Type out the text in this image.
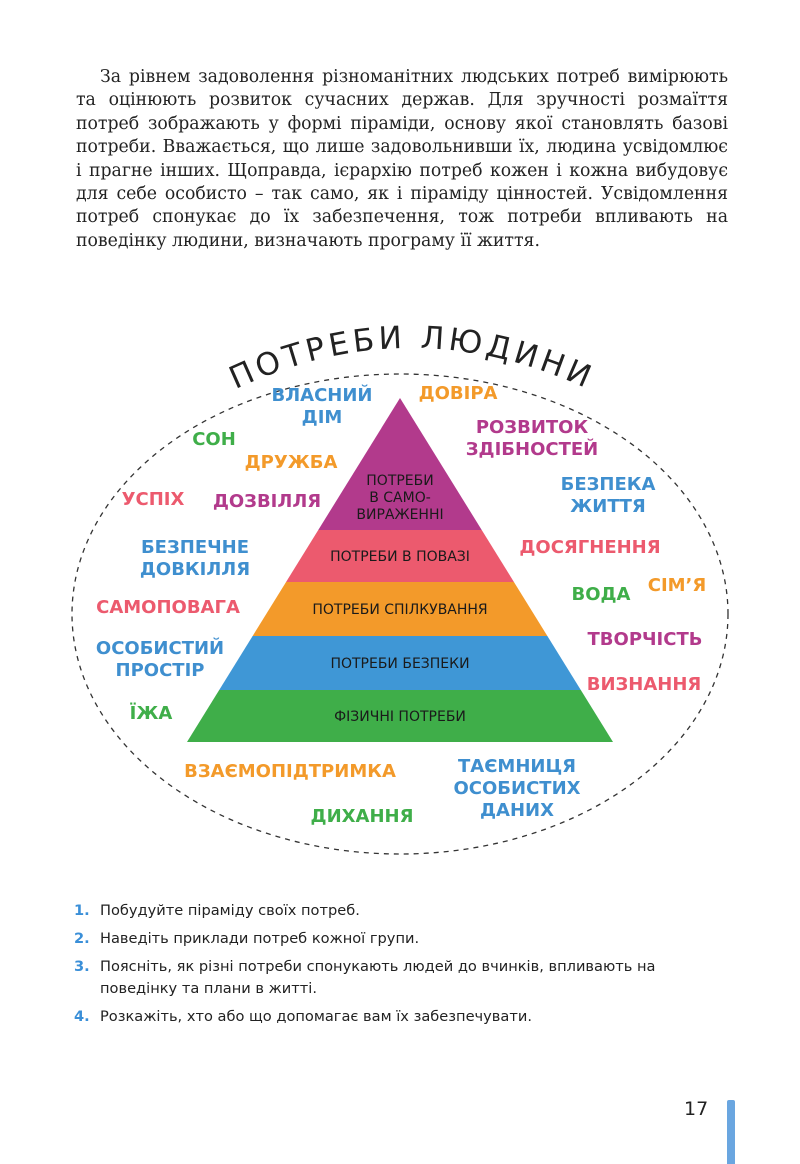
За рівнем задоволення різноманітних людських потреб вимірюють та оцінюють розвиток сучасних держав. Для зручності розмаїття потреб зображають у формі піраміди, основу якої становлять базові потреби. Вважається, що лише задовольнивши їх, людина усвідомлює і прагне інших. Щоправда, ієрархію потреб кожен і кожна вибудовує для себе особисто – так само, як і піраміду цінностей. Усвідомлення потреб спонукає до їх забезпечення, тож потреби впливають на поведінку людини, визначають програму її життя.

ПОТРЕБИ ЛЮДИНИ
ПОТРЕБИ В САМО-ВИРАЖЕННІ
ПОТРЕБИ В ПОВАЗІ
ПОТРЕБИ СПІЛКУВАННЯ
ПОТРЕБИ БЕЗПЕКИ
ФІЗИЧНІ ПОТРЕБИ
ВЛАСНИЙ ДІМ
ДОВІРА
СОН
РОЗВИТОК ЗДІБНОСТЕЙ
ДРУЖБА
УСПІХ ДОЗВІЛЛЯ
БЕЗПЕКА ЖИТТЯ
БЕЗПЕЧНЕ ДОВКІЛЛЯ
ДОСЯГНЕННЯ
ВОДА СІМ’Я
САМОПОВАГА
ТВОРЧІСТЬ
ОСОБИСТИЙ ПРОСТІР
ВИЗНАННЯ
ЇЖА
ВЗАЄМОПІДТРИМКА	ТАЄМНИЦЯ ОСОБИСТИХ ДАНИХ
ДИХАННЯ
1. Побудуйте піраміду своїх потреб.
2. Наведіть приклади потреб кожної групи.
3. Поясніть, як різні потреби спонукають людей до вчинків, впливають на поведінку та плани в житті.
4. Розкажіть, хто або що допомагає вам їх забезпечувати.
17
